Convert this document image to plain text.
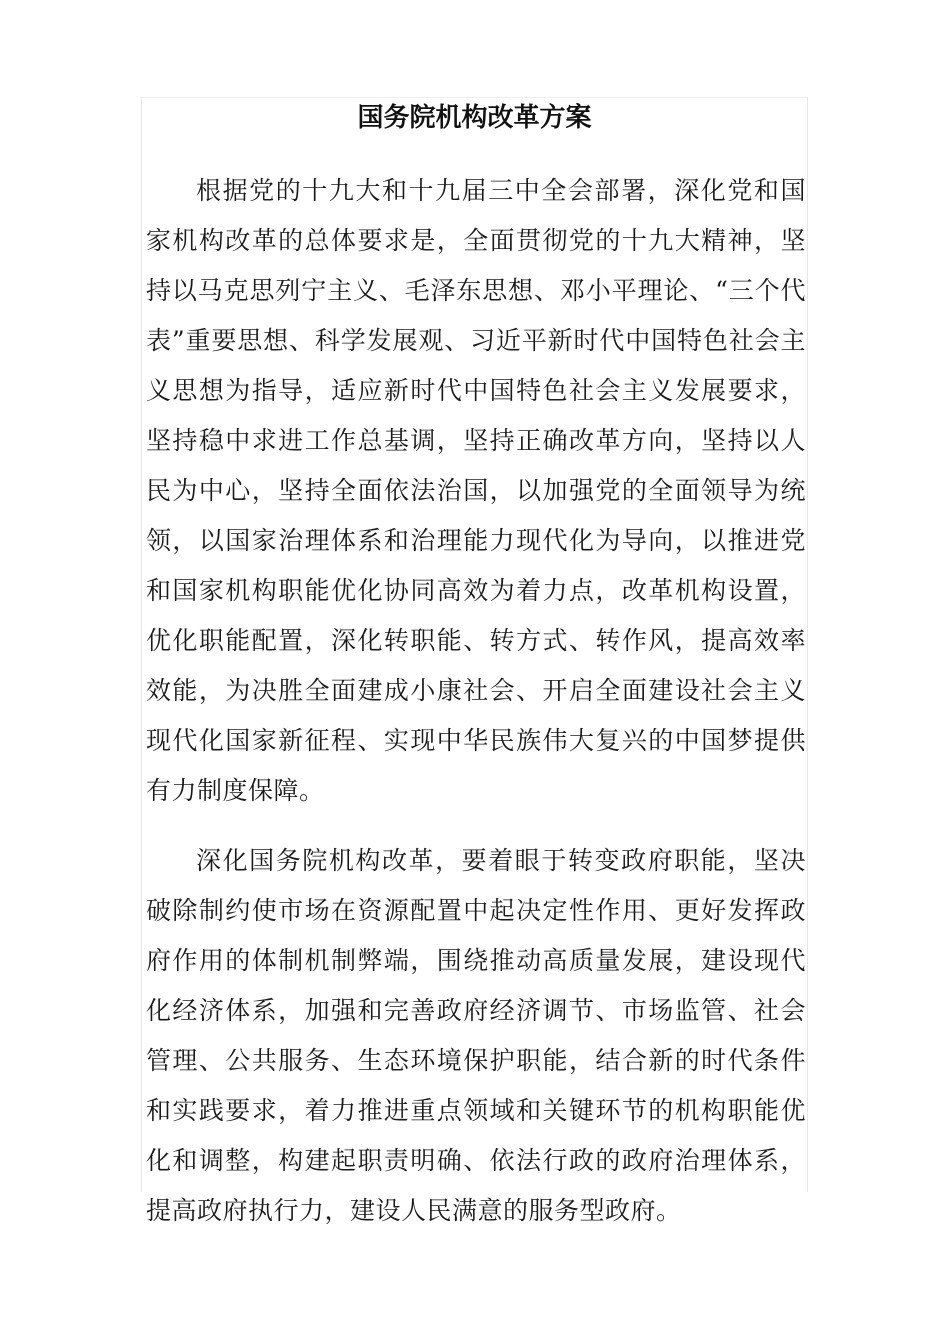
国务院机构改革方案

根据党的十九大和十九届三中全会部署，深化党和国家机构改革的总体要求是，全面贯彻党的十九大精神，坚持以马克思列宁主义、毛泽东思想、邓小平理论、“三个代表”重要思想、科学发展观、习近平新时代中国特色社会主义思想为指导，适应新时代中国特色社会主义发展要求，坚持稳中求进工作总基调，坚持正确改革方向，坚持以人民为中心，坚持全面依法治国，以加强党的全面领导为统领，以国家治理体系和治理能力现代化为导向，以推进党和国家机构职能优化协同高效为着力点，改革机构设置，优化职能配置，深化转职能、转方式、转作风，提高效率效能，为决胜全面建成小康社会、开启全面建设社会主义现代化国家新征程、实现中华民族伟大复兴的中国梦提供有力制度保障。

深化国务院机构改革，要着眼于转变政府职能，坚决破除制约使市场在资源配置中起决定性作用、更好发挥政府作用的体制机制弊端，围绕推动高质量发展，建设现代化经济体系，加强和完善政府经济调节、市场监管、社会管理、公共服务、生态环境保护职能，结合新的时代条件和实践要求，着力推进重点领域和关键环节的机构职能优化和调整，构建起职责明确、依法行政的政府治理体系，提高政府执行力，建设人民满意的服务型政府。
